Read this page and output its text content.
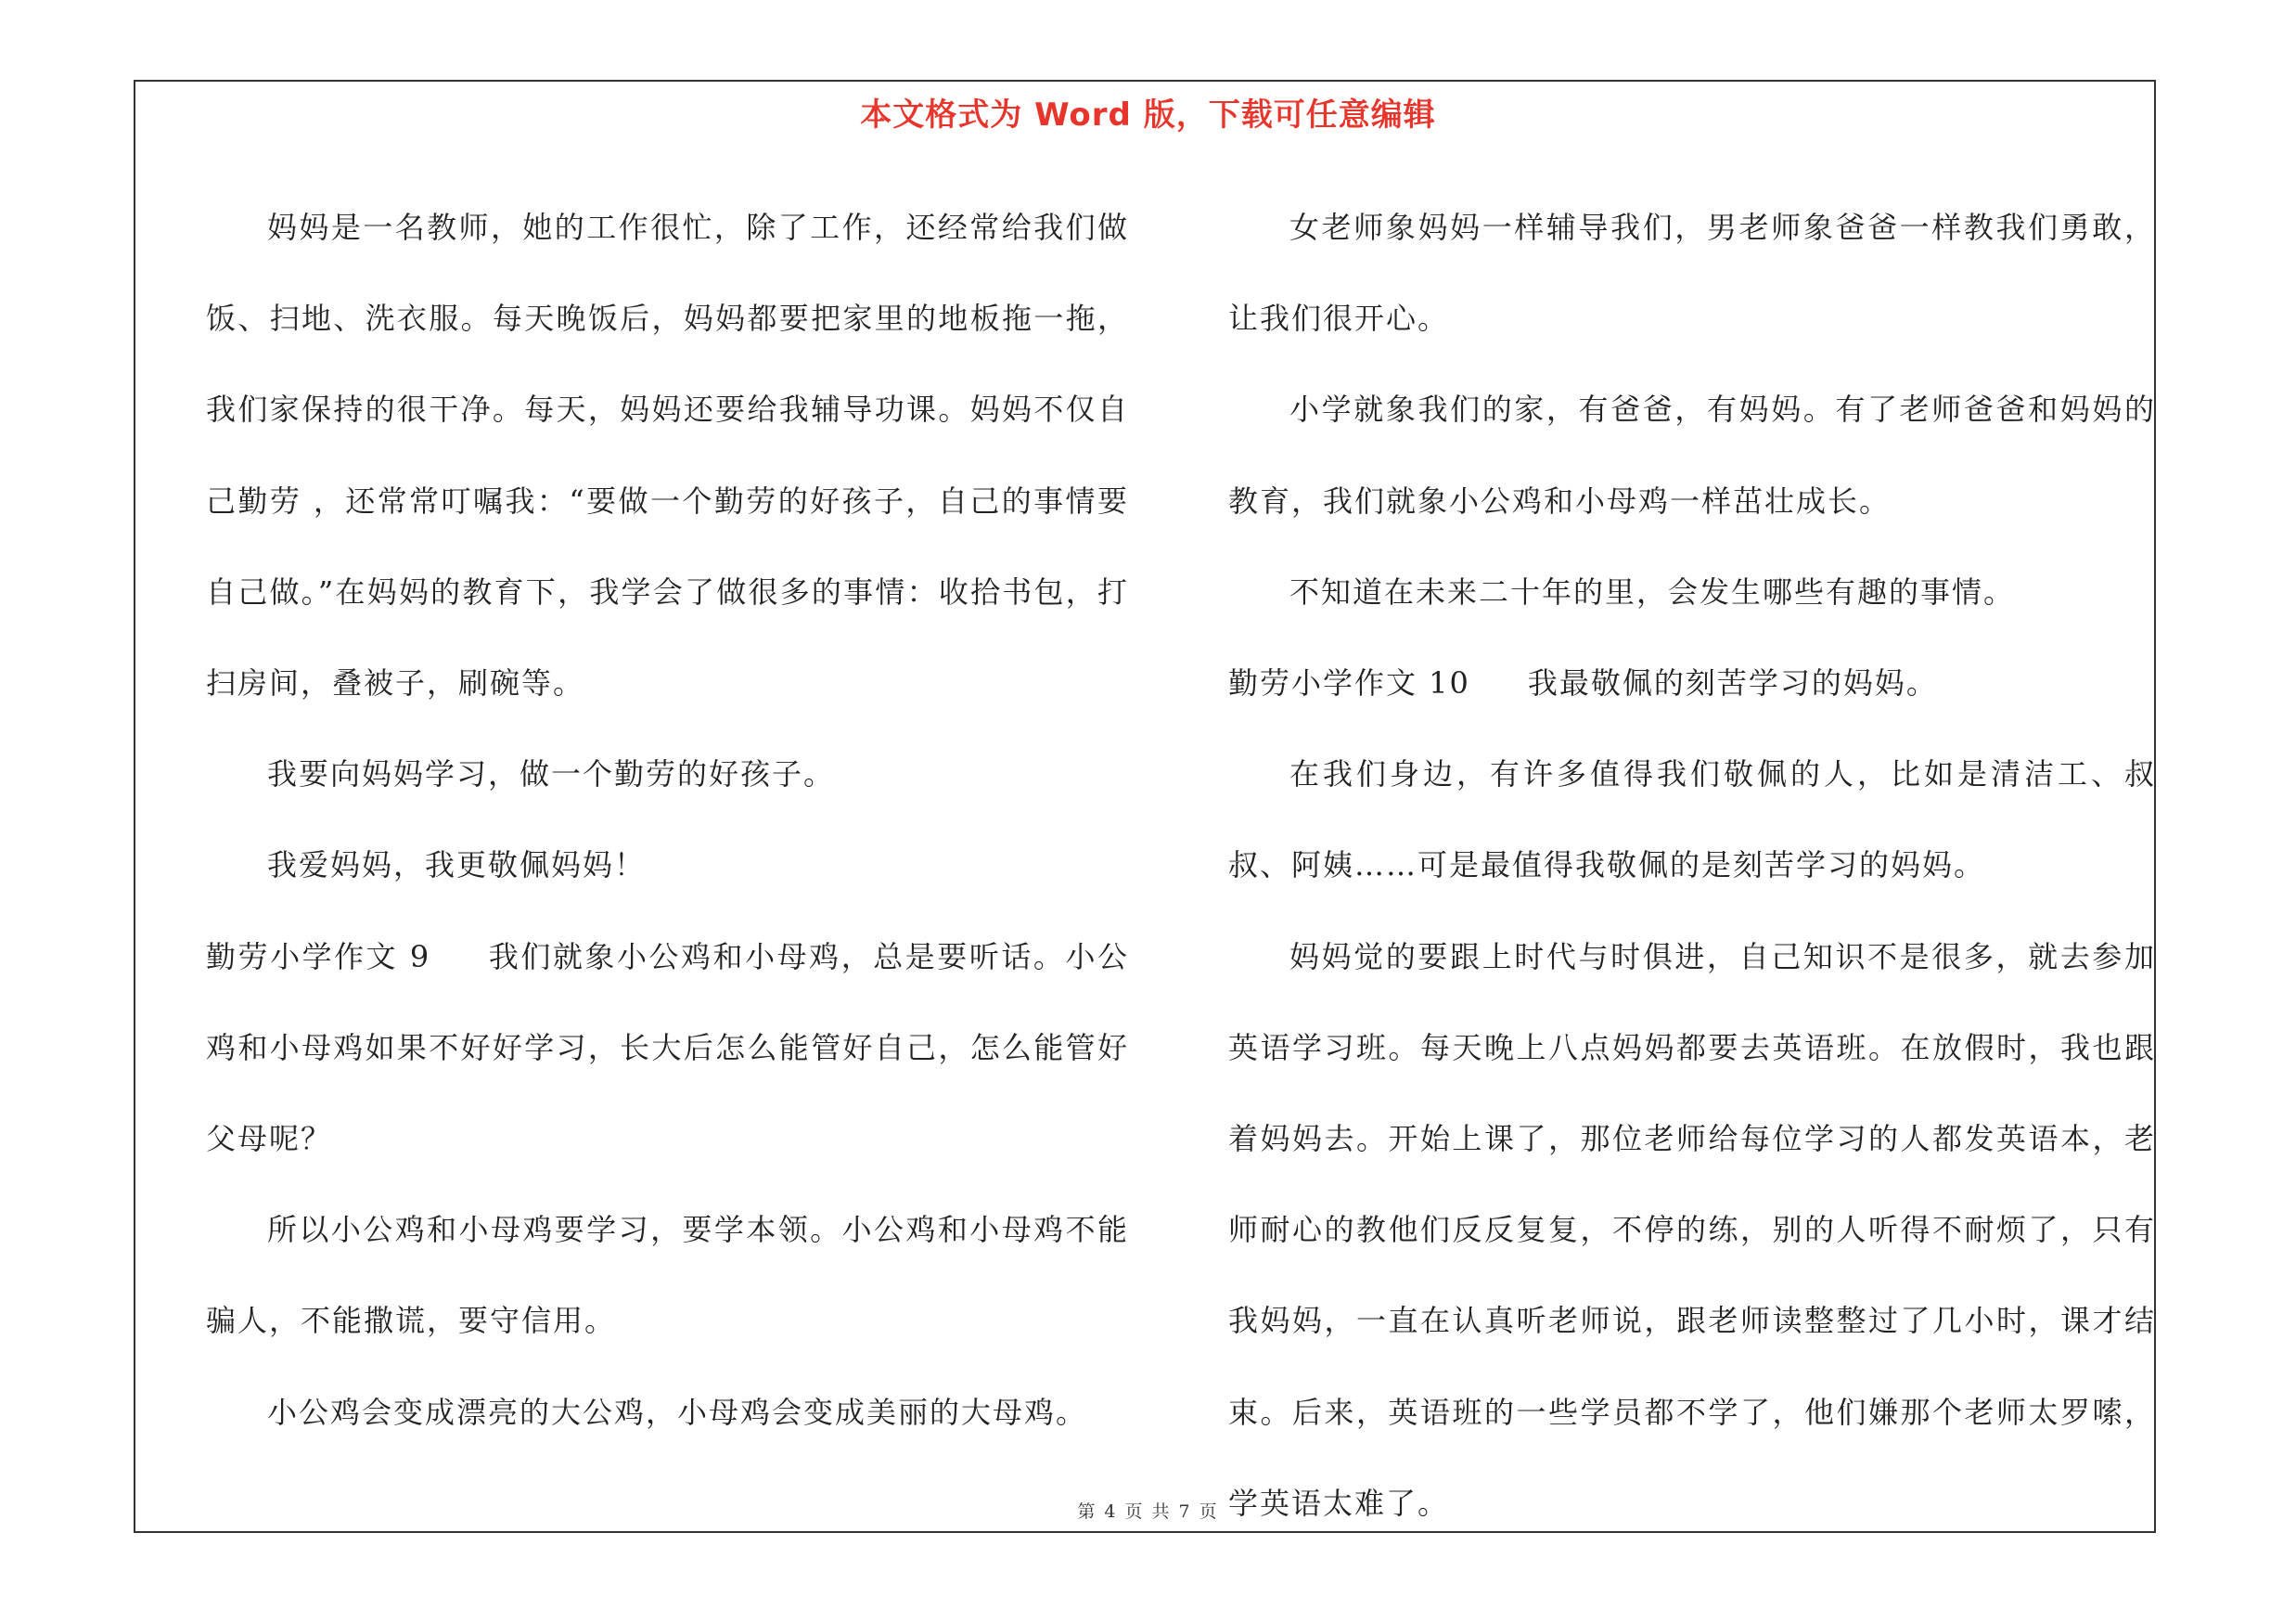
本文格式为 Word 版，下载可任意编辑

妈妈是一名教师，她的工作很忙，除了工作，还经常给我们做饭、扫地、洗衣服。每天晚饭后，妈妈都要把家里的地板拖一拖，我们家保持的很干净。每天，妈妈还要给我辅导功课。妈妈不仅自己勤劳 ，还常常叮嘱我：“要做一个勤劳的好孩子，自己的事情要自己做。”在妈妈的教育下，我学会了做很多的事情：收拾书包，打扫房间，叠被子，刷碗等。

我要向妈妈学习，做一个勤劳的好孩子。

我爱妈妈，我更敬佩妈妈！

勤劳小学作文 9 我们就象小公鸡和小母鸡，总是要听话。小公鸡和小母鸡如果不好好学习，长大后怎么能管好自己，怎么能管好父母呢？

所以小公鸡和小母鸡要学习，要学本领。小公鸡和小母鸡不能骗人，不能撒谎，要守信用。

小公鸡会变成漂亮的大公鸡，小母鸡会变成美丽的大母鸡。

女老师象妈妈一样辅导我们，男老师象爸爸一样教我们勇敢，让我们很开心。

小学就象我们的家，有爸爸，有妈妈。有了老师爸爸和妈妈的教育，我们就象小公鸡和小母鸡一样茁壮成长。

不知道在未来二十年的里，会发生哪些有趣的事情。

勤劳小学作文 10 我最敬佩的刻苦学习的妈妈。

在我们身边，有许多值得我们敬佩的人，比如是清洁工、叔叔、阿姨……可是最值得我敬佩的是刻苦学习的妈妈。

妈妈觉的要跟上时代与时俱进，自己知识不是很多，就去参加英语学习班。每天晚上八点妈妈都要去英语班。在放假时，我也跟着妈妈去。开始上课了，那位老师给每位学习的人都发英语本，老师耐心的教他们反反复复，不停的练，别的人听得不耐烦了，只有我妈妈，一直在认真听老师说，跟老师读整整过了几小时，课才结束。后来，英语班的一些学员都不学了，他们嫌那个老师太罗嗦，学英语太难了。

第 4 页 共 7 页
